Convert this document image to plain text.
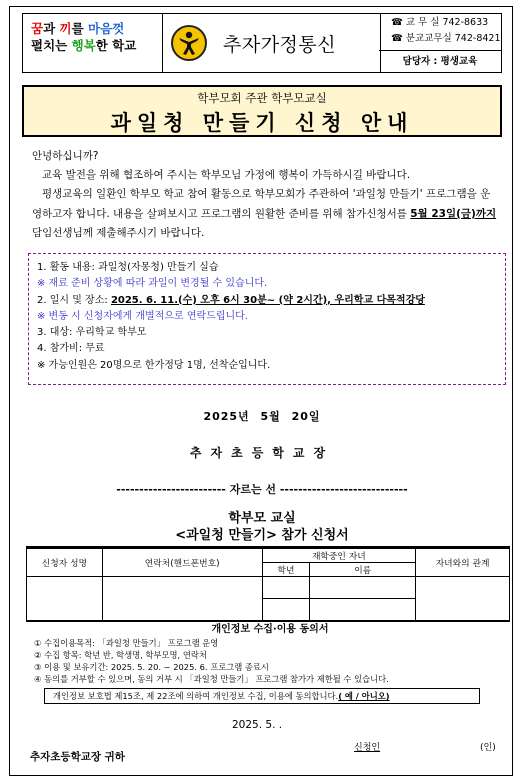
꿈과 끼를 마음껏
펼치는 행복한 학교	추자가정통신
☎ 교 무 실 742-8633
☎ 분교교무실 742-8421
담당자 : 평생교육
학부모회 주관 학부모교실
과일청 만들기 신청 안내
안녕하십니까?

교육 발전을 위해 협조하여 주시는 학부모님 가정에 행복이 가득하시길 바랍니다.

평생교육의 일환인 학부모 학교 참여 활동으로 학부모회가 주관하여 '과일청 만들기' 프로그램을 운영하고자 합니다. 내용을 살펴보시고 프로그램의 원활한 준비를 위해 참가신청서를 5월 23일(금)까지 담임선생님께 제출해주시기 바랍니다.

1. 활동 내용: 과일청(자몽청) 만들기 실습
※ 재료 준비 상황에 따라 과일이 변경될 수 있습니다.
2. 일시 및 장소: 2025. 6. 11.(수) 오후 6시 30분~ (약 2시간), 우리학교 다목적강당
※ 변동 시 신청자에게 개별적으로 연락드립니다.
3. 대상: 우리학교 학부모
4. 참가비: 무료
※ 가능인원은 20명으로 한가정당 1명, 선착순입니다.
2025년 5월 20일
추자초등학교장
------------------------ 자르는 선 ----------------------------
학부모 교실
<과일청 만들기> 참가 신청서
신청자 성명	연락처(핸드폰번호)	재학중인 자녀		자녀와의 관계
		학년	이름	

개인정보 수집·이용 동의서
① 수집이용목적: 「과일청 만들기」 프로그램 운영
② 수집 항목: 학년 반, 학생명, 학부모명, 연락처
③ 이용 및 보유기간: 2025. 5. 20. ~ 2025. 6. 프로그램 종료시
④ 동의를 거부할 수 있으며, 동의 거부 시 「과일청 만들기」 프로그램 참가가 제한될 수 있습니다.
개인정보 보호법 제15조, 제 22조에 의하여 개인정보 수집, 이용에 동의합니다.( 예 / 아니오)
2025. 5. .
신청인	(인)
추자초등학교장 귀하
